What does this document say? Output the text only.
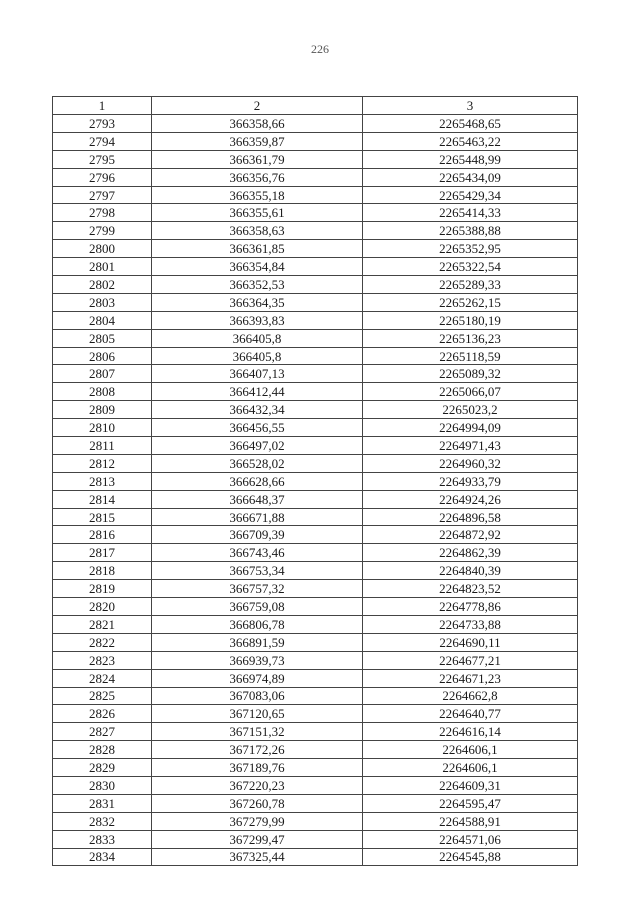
226
1	2	3
2793	366358,66	2265468,65
2794	366359,87	2265463,22
2795	366361,79	2265448,99
2796	366356,76	2265434,09
2797	366355,18	2265429,34
2798	366355,61	2265414,33
2799	366358,63	2265388,88
2800	366361,85	2265352,95
2801	366354,84	2265322,54
2802	366352,53	2265289,33
2803	366364,35	2265262,15
2804	366393,83	2265180,19
2805	366405,8	2265136,23
2806	366405,8	2265118,59
2807	366407,13	2265089,32
2808	366412,44	2265066,07
2809	366432,34	2265023,2
2810	366456,55	2264994,09
2811	366497,02	2264971,43
2812	366528,02	2264960,32
2813	366628,66	2264933,79
2814	366648,37	2264924,26
2815	366671,88	2264896,58
2816	366709,39	2264872,92
2817	366743,46	2264862,39
2818	366753,34	2264840,39
2819	366757,32	2264823,52
2820	366759,08	2264778,86
2821	366806,78	2264733,88
2822	366891,59	2264690,11
2823	366939,73	2264677,21
2824	366974,89	2264671,23
2825	367083,06	2264662,8
2826	367120,65	2264640,77
2827	367151,32	2264616,14
2828	367172,26	2264606,1
2829	367189,76	2264606,1
2830	367220,23	2264609,31
2831	367260,78	2264595,47
2832	367279,99	2264588,91
2833	367299,47	2264571,06
2834	367325,44	2264545,88
